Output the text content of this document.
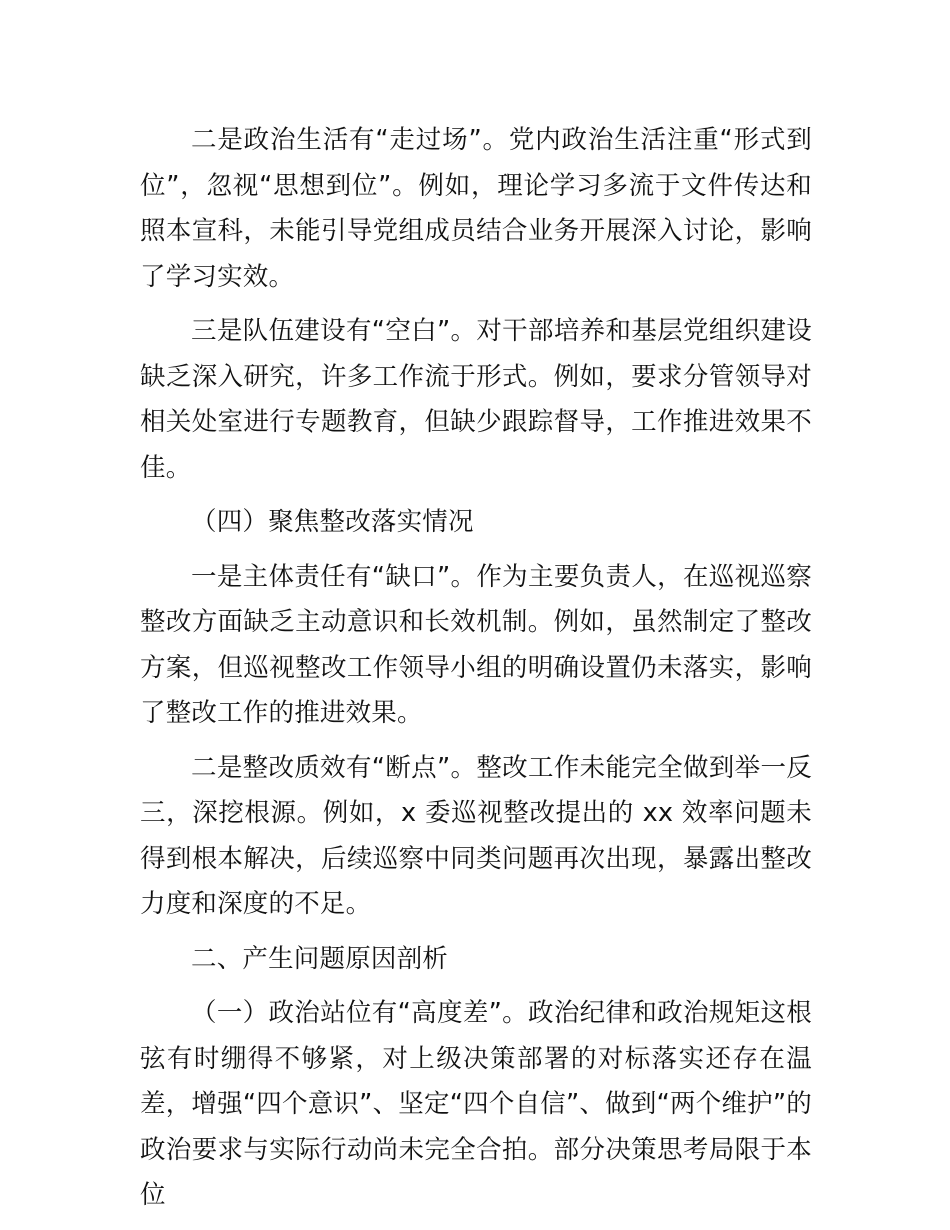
二是政治生活有“走过场”。党内政治生活注重“形式到位”，忽视“思想到位”。例如，理论学习多流于文件传达和照本宣科，未能引导党组成员结合业务开展深入讨论，影响了学习实效。

三是队伍建设有“空白”。对干部培养和基层党组织建设缺乏深入研究，许多工作流于形式。例如，要求分管领导对相关处室进行专题教育，但缺少跟踪督导，工作推进效果不佳。

（四）聚焦整改落实情况

一是主体责任有“缺口”。作为主要负责人，在巡视巡察整改方面缺乏主动意识和长效机制。例如，虽然制定了整改方案，但巡视整改工作领导小组的明确设置仍未落实，影响了整改工作的推进效果。

二是整改质效有“断点”。整改工作未能完全做到举一反三，深挖根源。例如，x 委巡视整改提出的 xx 效率问题未得到根本解决，后续巡察中同类问题再次出现，暴露出整改力度和深度的不足。

二、产生问题原因剖析

（一）政治站位有“高度差”。政治纪律和政治规矩这根弦有时绷得不够紧，对上级决策部署的对标落实还存在温差，增强“四个意识”、坚定“四个自信”、做到“两个维护”的政治要求与实际行动尚未完全合拍。部分决策思考局限于本位
